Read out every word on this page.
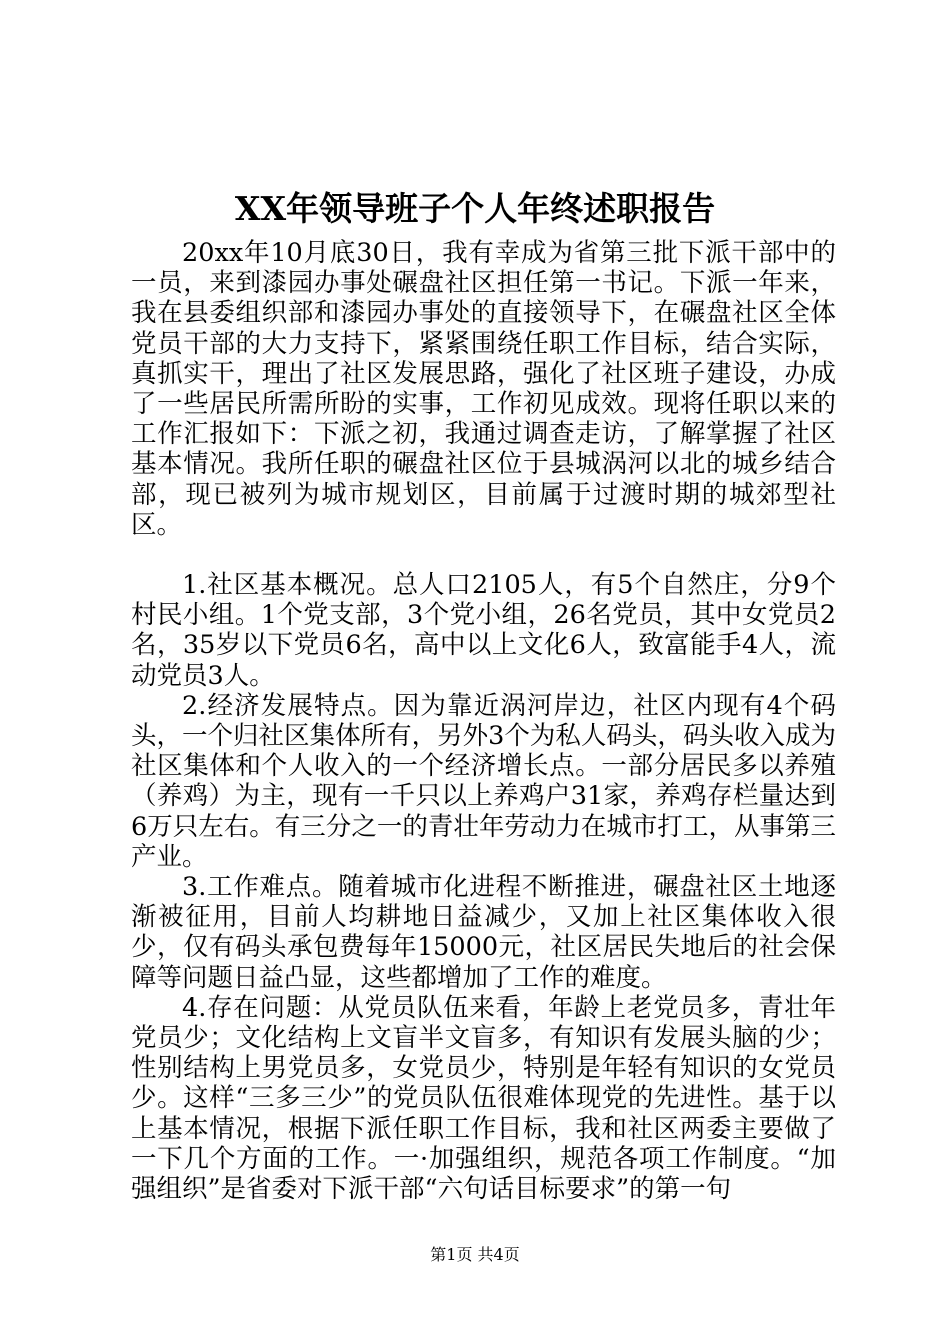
XX年领导班子个人年终述职报告

20xx年10月底30日，我有幸成为省第三批下派干部中的一员，来到漆园办事处碾盘社区担任第一书记。下派一年来，我在县委组织部和漆园办事处的直接领导下，在碾盘社区全体党员干部的大力支持下，紧紧围绕任职工作目标，结合实际，真抓实干，理出了社区发展思路，强化了社区班子建设，办成了一些居民所需所盼的实事，工作初见成效。现将任职以来的工作汇报如下：下派之初，我通过调查走访，了解掌握了社区基本情况。我所任职的碾盘社区位于县城涡河以北的城乡结合部，现已被列为城市规划区，目前属于过渡时期的城郊型社区。

1.社区基本概况。总人口2105人，有5个自然庄，分9个村民小组。1个党支部，3个党小组，26名党员，其中女党员2名，35岁以下党员6名，高中以上文化6人，致富能手4人，流动党员3人。

2.经济发展特点。因为靠近涡河岸边，社区内现有4个码头，一个归社区集体所有，另外3个为私人码头，码头收入成为社区集体和个人收入的一个经济增长点。一部分居民多以养殖（养鸡）为主，现有一千只以上养鸡户31家，养鸡存栏量达到6万只左右。有三分之一的青壮年劳动力在城市打工，从事第三产业。

3.工作难点。随着城市化进程不断推进，碾盘社区土地逐渐被征用，目前人均耕地日益减少，又加上社区集体收入很少，仅有码头承包费每年15000元，社区居民失地后的社会保障等问题日益凸显，这些都增加了工作的难度。

4.存在问题：从党员队伍来看，年龄上老党员多，青壮年党员少；文化结构上文盲半文盲多，有知识有发展头脑的少；性别结构上男党员多，女党员少，特别是年轻有知识的女党员少。这样“三多三少”的党员队伍很难体现党的先进性。基于以上基本情况，根据下派任职工作目标，我和社区两委主要做了一下几个方面的工作。一·加强组织，规范各项工作制度。“加强组织”是省委对下派干部“六句话目标要求”的第一句

第1页 共4页
